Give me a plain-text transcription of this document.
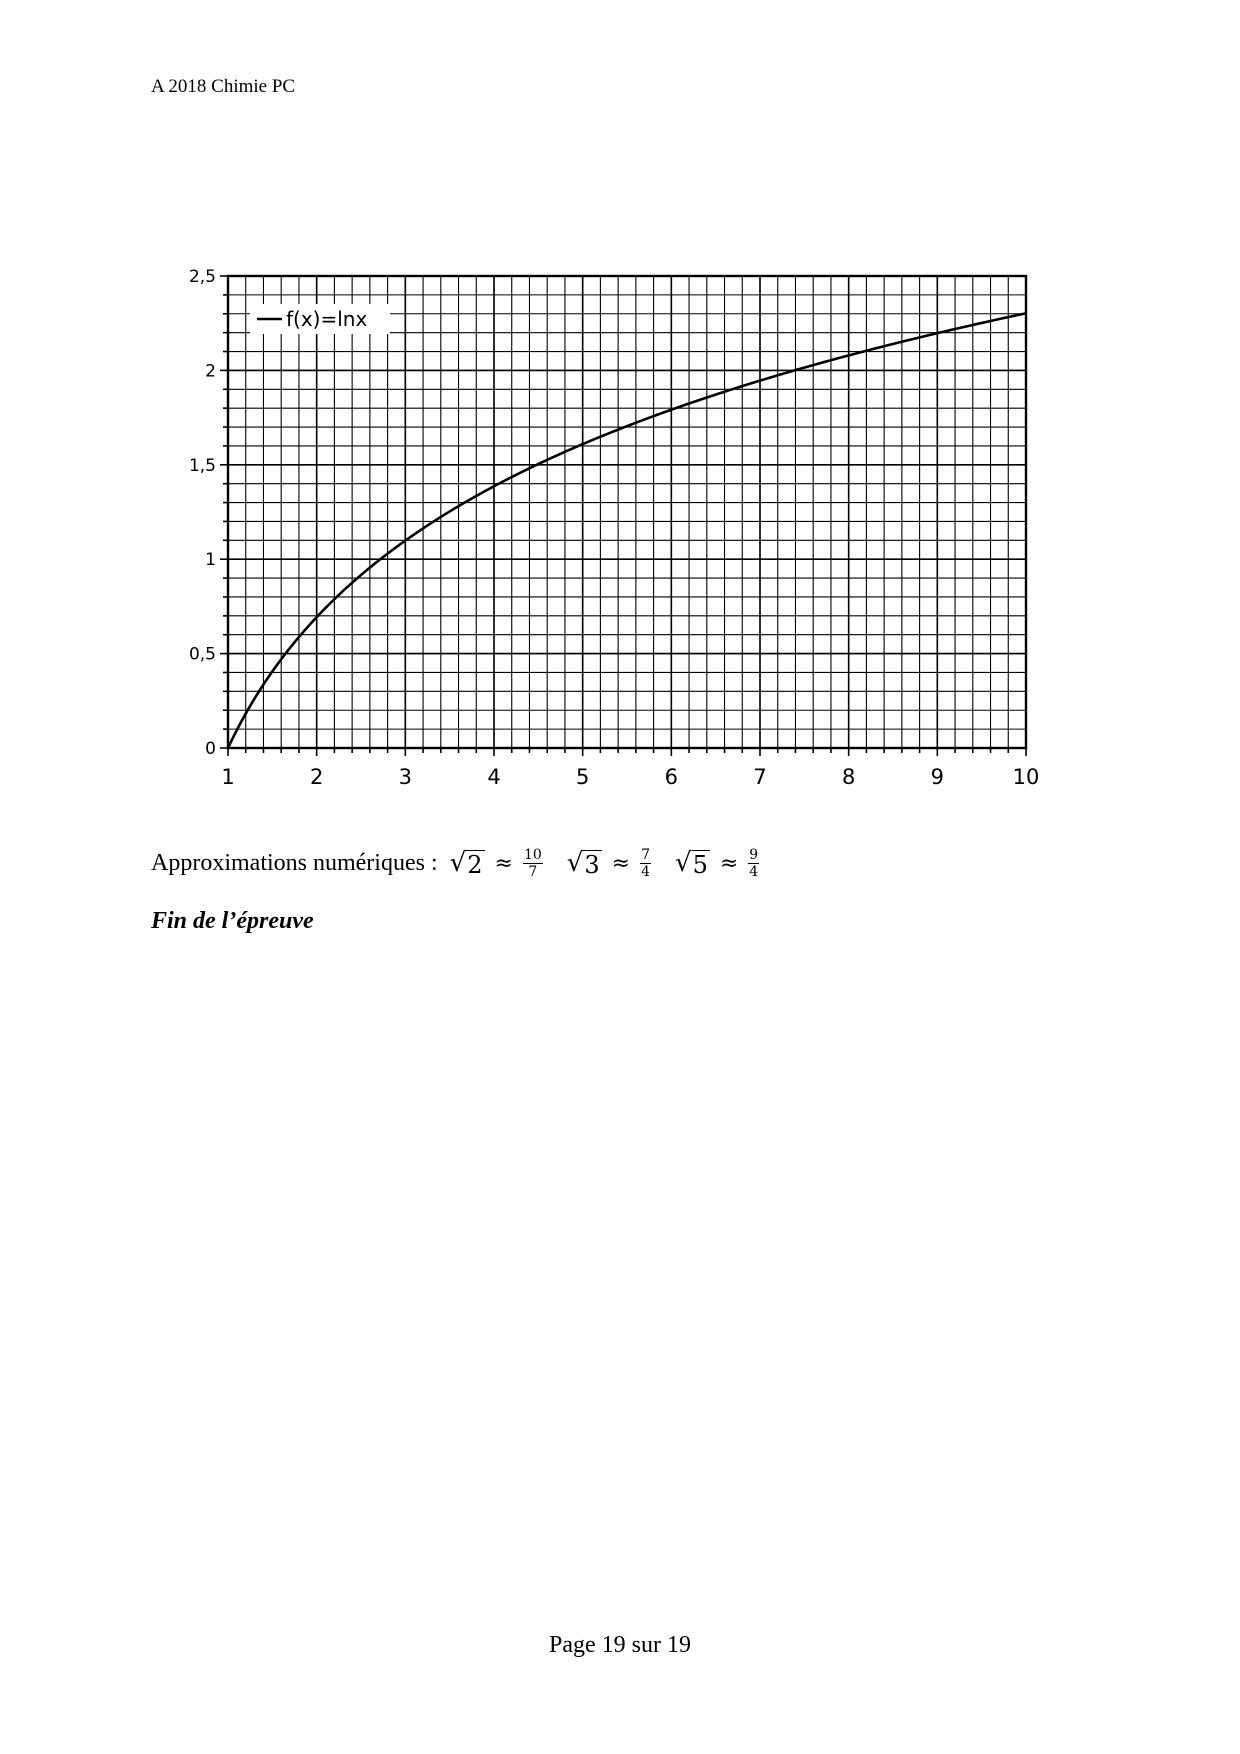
A 2018 Chimie PC
1	2	3	4	5	6	7	8	9	10
0
0,5
1
1,5
2
2,5
f(x)=lnx
Approximations numériques : √ $2 \approx \frac{10}{7}$ √ $3 \approx \frac{7}{4}$ √ $5 \approx \frac{9}{4}$
Fin de l’épreuve
Page 19 sur 19
